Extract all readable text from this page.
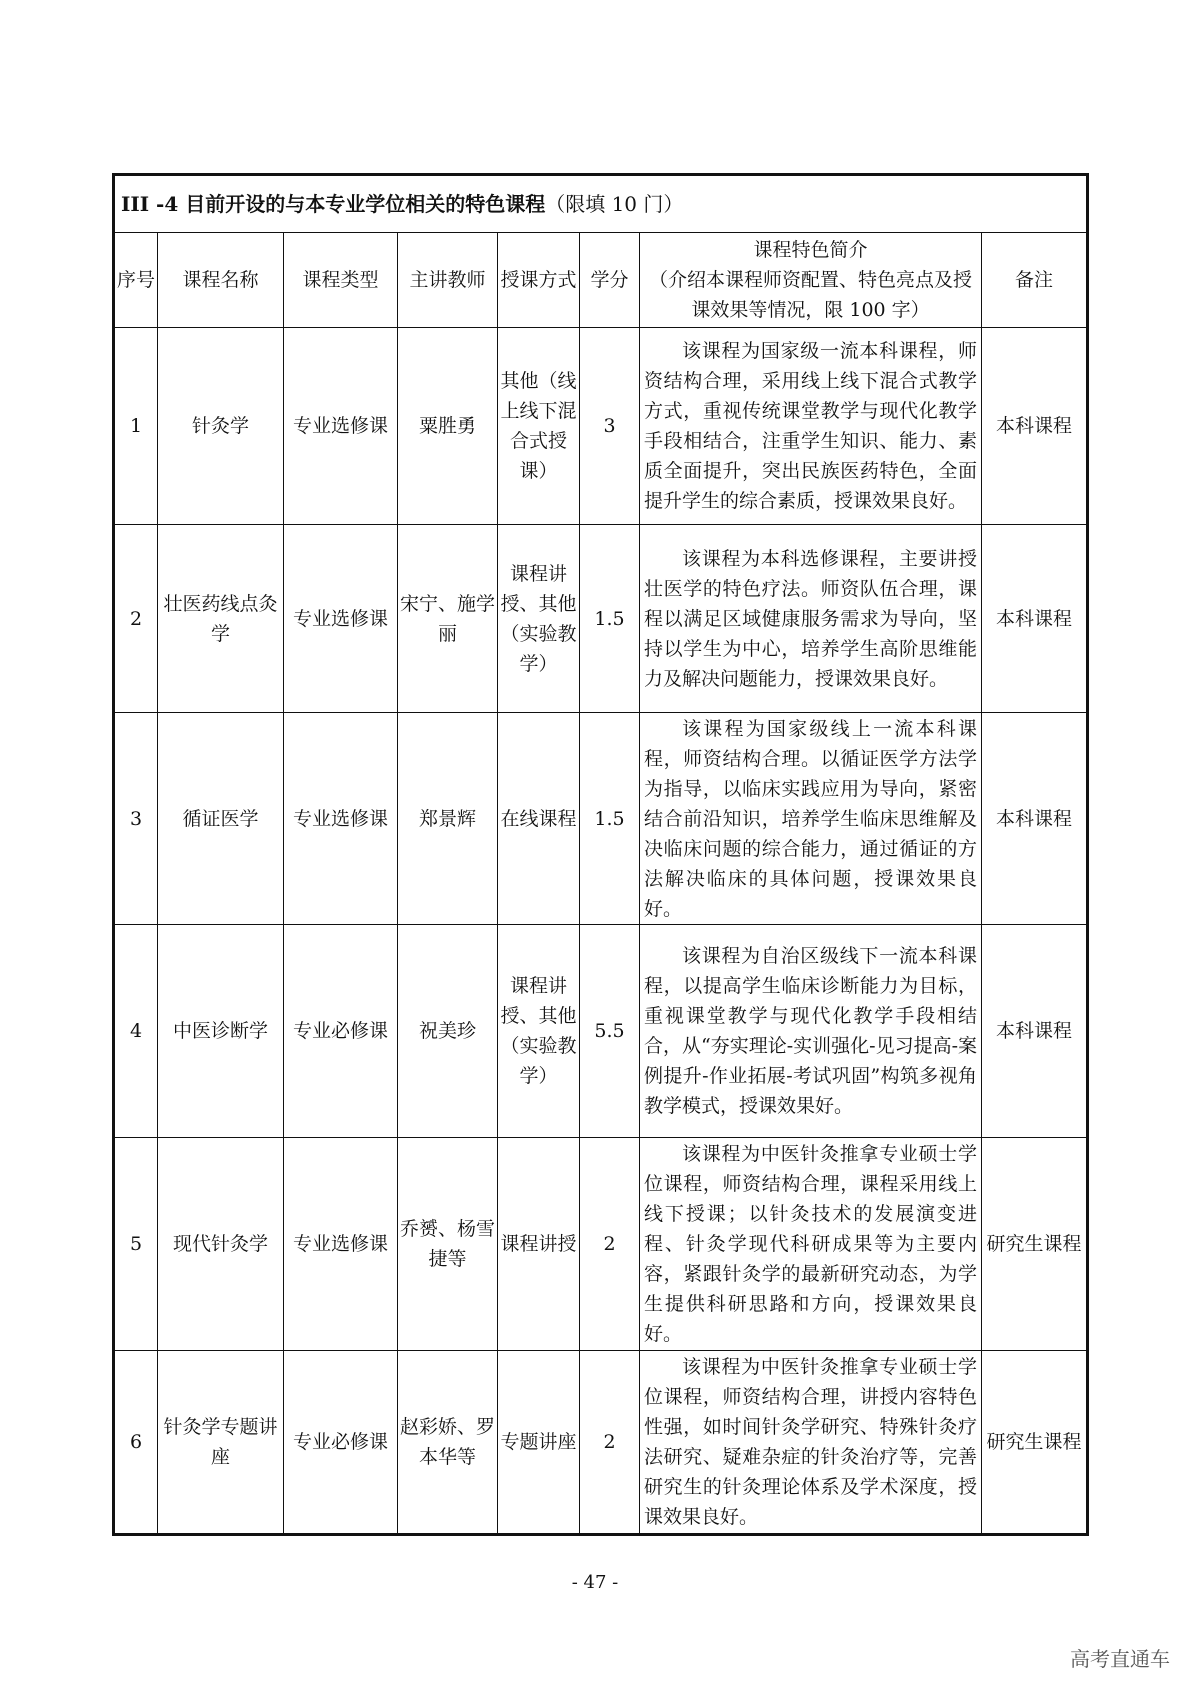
III -4 目前开设的与本专业学位相关的特色课程（限填 10 门）							
序号	课程名称	课程类型	主讲教师	授课方式	学分	课程特色简介
（介绍本课程师资配置、特色亮点及授课效果等情况，限 100 字）	备注
1	针灸学	专业选修课	粟胜勇	其他（线上线下混合式授课）	3	该课程为国家级一流本科课程，师资结构合理，采用线上线下混合式教学方式，重视传统课堂教学与现代化教学手段相结合，注重学生知识、能力、素质全面提升，突出民族医药特色，全面提升学生的综合素质，授课效果良好。	本科课程
2	壮医药线点灸学	专业选修课	宋宁、施学丽	课程讲授、其他（实验教学）	1.5	该课程为本科选修课程，主要讲授壮医学的特色疗法。师资队伍合理，课程以满足区域健康服务需求为导向，坚持以学生为中心，培养学生高阶思维能力及解决问题能力，授课效果良好。	本科课程
3	循证医学	专业选修课	郑景辉	在线课程	1.5	该课程为国家级线上一流本科课程，师资结构合理。以循证医学方法学为指导，以临床实践应用为导向，紧密结合前沿知识，培养学生临床思维解及决临床问题的综合能力，通过循证的方法解决临床的具体问题，授课效果良好。	本科课程
4	中医诊断学	专业必修课	祝美珍	课程讲授、其他（实验教学）	5.5	该课程为自治区级线下一流本科课程，以提高学生临床诊断能力为目标，重视课堂教学与现代化教学手段相结合，从“夯实理论-实训强化-见习提高-案例提升-作业拓展-考试巩固”构筑多视角教学模式，授课效果好。	本科课程
5	现代针灸学	专业选修课	乔赟、杨雪捷等	课程讲授	2	该课程为中医针灸推拿专业硕士学位课程，师资结构合理，课程采用线上线下授课；以针灸技术的发展演变进程、针灸学现代科研成果等为主要内容，紧跟针灸学的最新研究动态，为学生提供科研思路和方向，授课效果良好。	研究生课程
6	针灸学专题讲座	专业必修课	赵彩娇、罗本华等	专题讲座	2	该课程为中医针灸推拿专业硕士学位课程，师资结构合理，讲授内容特色性强，如时间针灸学研究、特殊针灸疗法研究、疑难杂症的针灸治疗等，完善研究生的针灸理论体系及学术深度，授课效果良好。	研究生课程
- 47 -
高考直通车
